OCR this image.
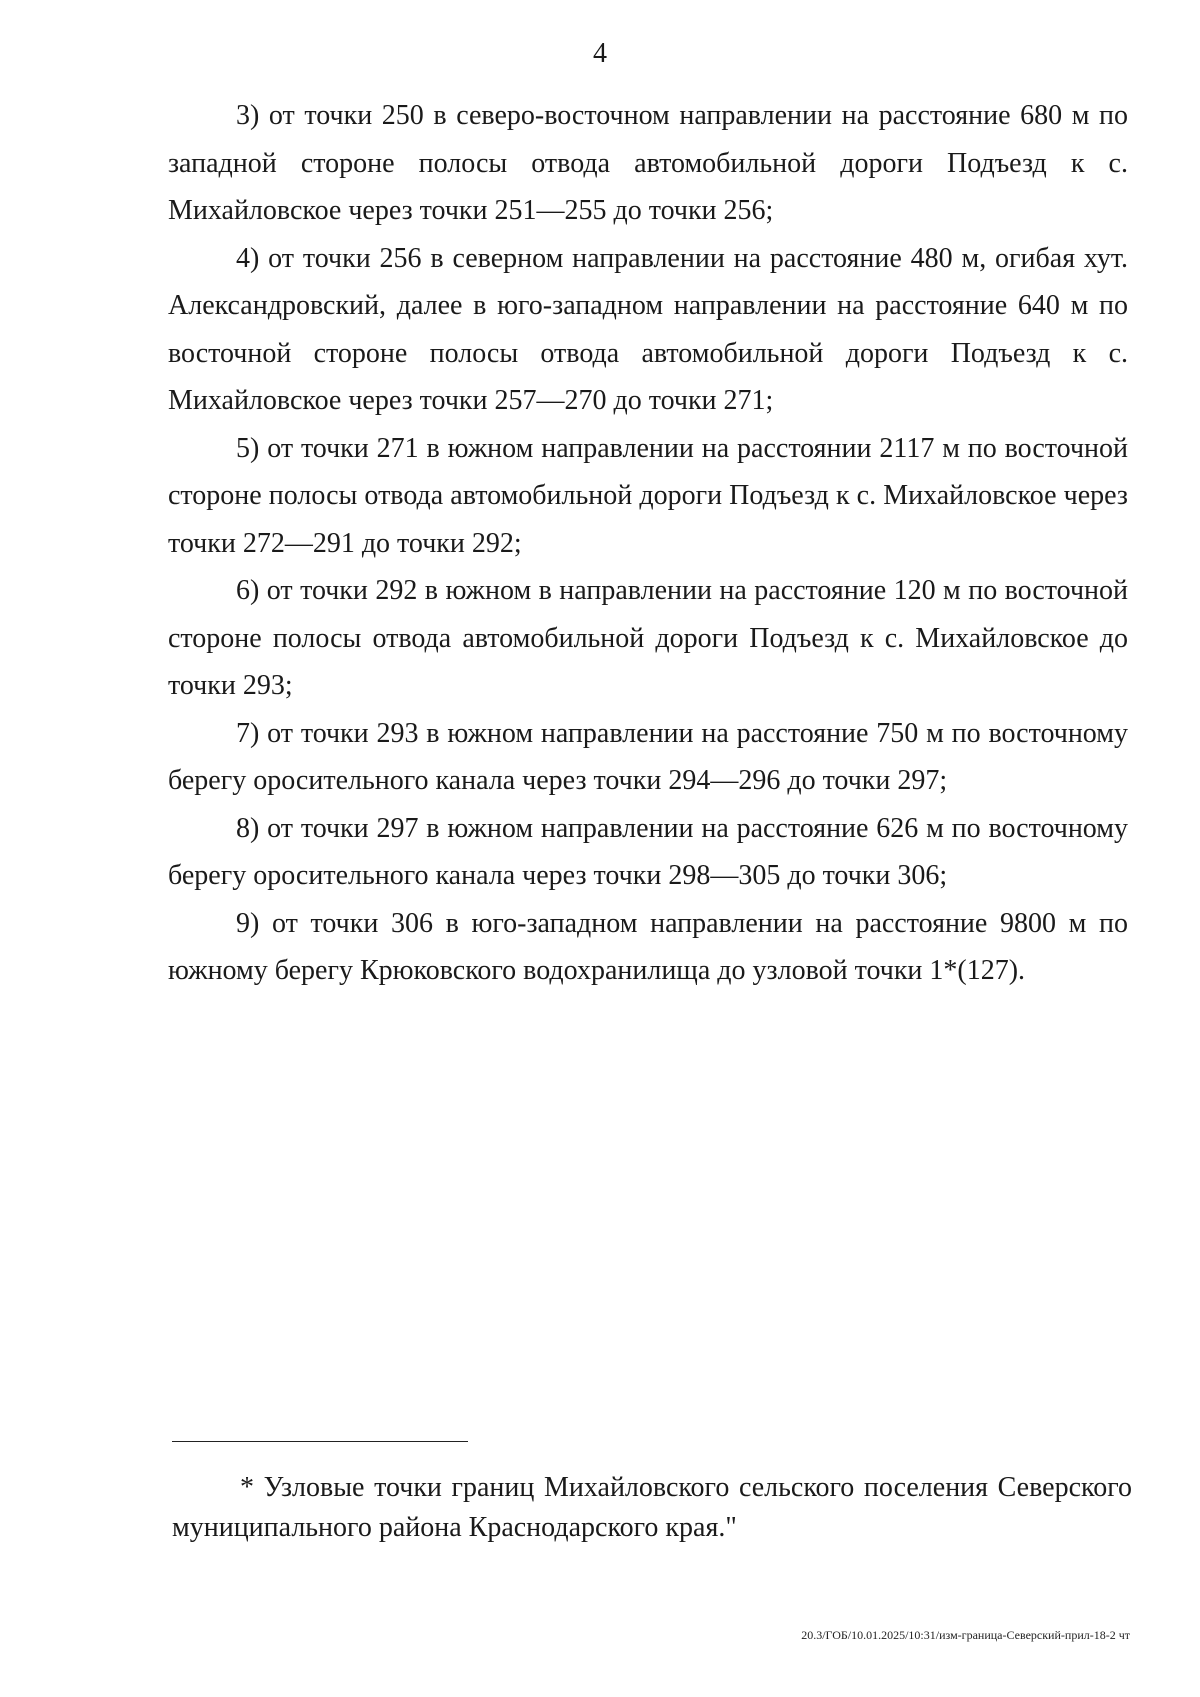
4

3) от точки 250 в северо-восточном направлении на расстояние 680 м по западной стороне полосы отвода автомобильной дороги Подъезд к с. Михайловское через точки 251—255 до точки 256;

4) от точки 256 в северном направлении на расстояние 480 м, огибая хут. Александровский, далее в юго-западном направлении на расстояние 640 м по восточной стороне полосы отвода автомобильной дороги Подъезд к с. Михайловское через точки 257—270 до точки 271;

5) от точки 271 в южном направлении на расстоянии 2117 м по восточной стороне полосы отвода автомобильной дороги Подъезд к с. Михайловское через точки 272—291 до точки 292;

6) от точки 292 в южном в направлении на расстояние 120 м по восточной стороне полосы отвода автомобильной дороги Подъезд к с. Михайловское до точки 293;

7) от точки 293 в южном направлении на расстояние 750 м по восточному берегу оросительного канала через точки 294—296 до точки 297;

8) от точки 297 в южном направлении на расстояние 626 м по восточному берегу оросительного канала через точки 298—305 до точки 306;

9) от точки 306 в юго-западном направлении на расстояние 9800 м по южному берегу Крюковского водохранилища до узловой точки 1*(127).

* Узловые точки границ Михайловского сельского поселения Северского муниципального района Краснодарского края."

20.3/ГОБ/10.01.2025/10:31/изм-граница-Северский-прил-18-2 чт
